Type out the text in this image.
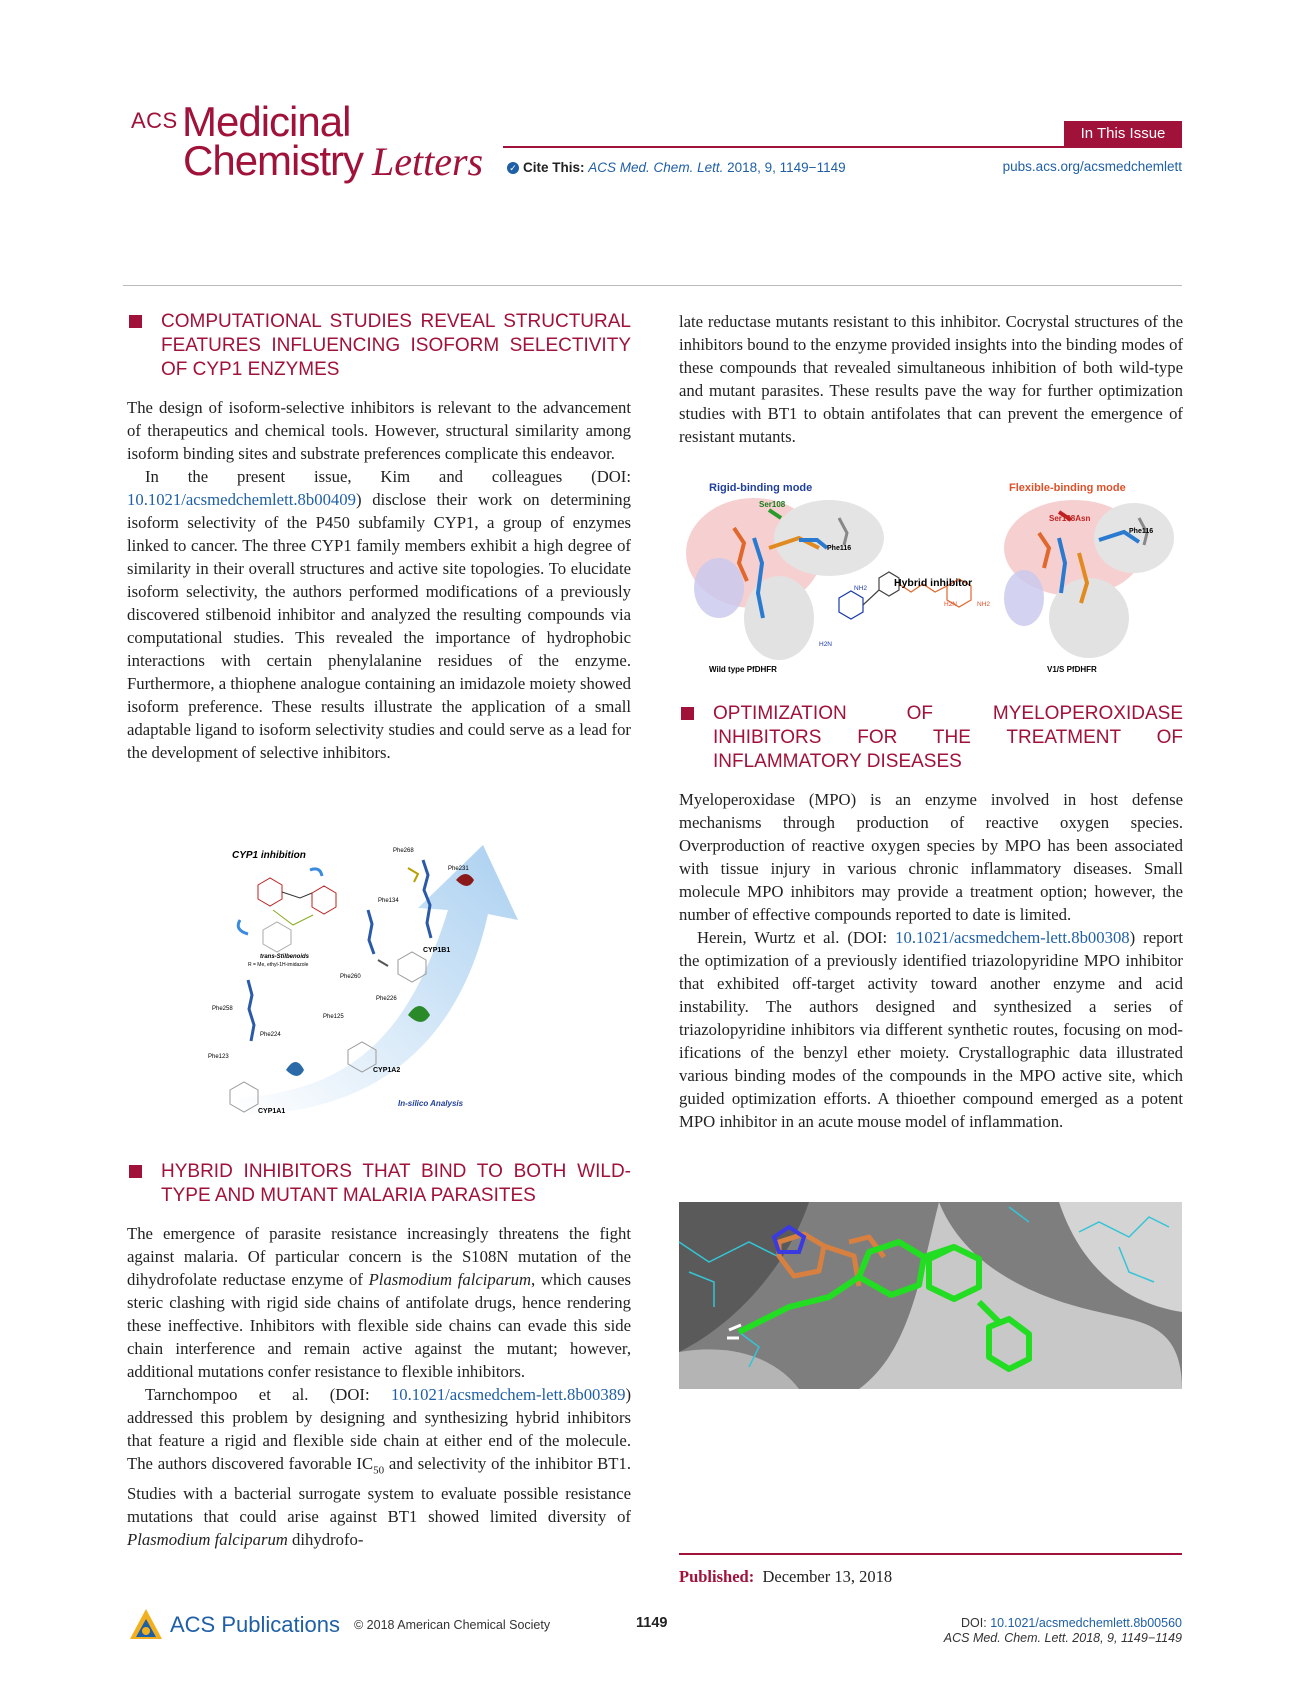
ACS Medicinal
Chemistry Letters
In This Issue
✓ Cite This: ACS Med. Chem. Lett. 2018, 9, 1149−1149	pubs.acs.org/acsmedchemlett
COMPUTATIONAL STUDIES REVEAL STRUCTURAL FEATURES INFLUENCING ISOFORM SELECTIVITY OF CYP1 ENZYMES

The design of isoform-selective inhibitors is relevant to the advancement of therapeutics and chemical tools. However, structural similarity among isoform binding sites and substrate preferences complicate this endeavor.

In the present issue, Kim and colleagues (DOI: 10.1021/acsmedchemlett.8b00409) disclose their work on determining isoform selectivity of the P450 subfamily CYP1, a group of enzymes linked to cancer. The three CYP1 family members exhibit a high degree of similarity in their overall structures and active site topologies. To elucidate isoform selectivity, the authors performed modifications of a previously discovered stilbenoid inhibitor and analyzed the resulting compounds via computational studies. This revealed the importance of hydrophobic interactions with certain phenylalanine residues of the enzyme. Furthermore, a thiophene analogue containing an imidazole moiety showed isoform preference. These results illustrate the application of a small adaptable ligand to isoform selectivity studies and could serve as a lead for the development of selective inhibitors.

CYP1 inhibition
trans-Stilbenoids
R = Me, ethyl-1H-imidazole
Phe268
Phe231
Phe134
CYP1B1
Phe260
Phe226
Phe125
CYP1A2
Phe258
Phe224
Phe123
CYP1A1
In-silico Analysis
HYBRID INHIBITORS THAT BIND TO BOTH WILD-TYPE AND MUTANT MALARIA PARASITES

The emergence of parasite resistance increasingly threatens the fight against malaria. Of particular concern is the S108N mutation of the dihydrofolate reductase enzyme of Plasmodium falciparum, which causes steric clashing with rigid side chains of antifolate drugs, hence rendering these ineffective. Inhibitors with flexible side chains can evade this side chain interference and remain active against the mutant; however, additional mutations confer resistance to flexible inhibitors.

Tarnchompoo et al. (DOI: 10.1021/acsmedchem-lett.8b00389) addressed this problem by designing and synthesizing hybrid inhibitors that feature a rigid and flexible side chain at either end of the molecule. The authors discovered favorable $IC_{50}$ and selectivity of the inhibitor BT1. Studies with a bacterial surrogate system to evaluate possible resistance mutations that could arise against BT1 showed limited diversity of Plasmodium falciparum dihydrofo-

late reductase mutants resistant to this inhibitor. Cocrystal structures of the inhibitors bound to the enzyme provided insights into the binding modes of these compounds that revealed simultaneous inhibition of both wild-type and mutant parasites. These results pave the way for further optimization studies with BT1 to obtain antifolates that can prevent the emergence of resistant mutants.

Rigid-binding mode	Flexible-binding mode
Ser108
Ser108Asn
Phe116
Phe116
Hybrid inhibitor
NH2
H2N
H2N	NH2
Wild type PfDHFR	V1/S PfDHFR
OPTIMIZATION OF MYELOPEROXIDASE INHIBITORS FOR THE TREATMENT OF INFLAMMATORY DISEASES

Myeloperoxidase (MPO) is an enzyme involved in host defense mechanisms through production of reactive oxygen species. Overproduction of reactive oxygen species by MPO has been associated with tissue injury in various chronic inflammatory diseases. Small molecule MPO inhibitors may provide a treatment option; however, the number of effective compounds reported to date is limited.

Herein, Wurtz et al. (DOI: 10.1021/acsmedchem-lett.8b00308) report the optimization of a previously identified triazolopyridine MPO inhibitor that exhibited off-target activity toward another enzyme and acid instability. The authors designed and synthesized a series of triazolopyridine inhibitors via different synthetic routes, focusing on mod-ifications of the benzyl ether moiety. Crystallographic data illustrated various binding modes of the compounds in the MPO active site, which guided optimization efforts. A thioether compound emerged as a potent MPO inhibitor in an acute mouse model of inflammation.

Published: December 13, 2018
ACS Publications © 2018 American Chemical Society	1149	DOI: 10.1021/acsmedchemlett.8b00560
ACS Med. Chem. Lett. 2018, 9, 1149−1149
